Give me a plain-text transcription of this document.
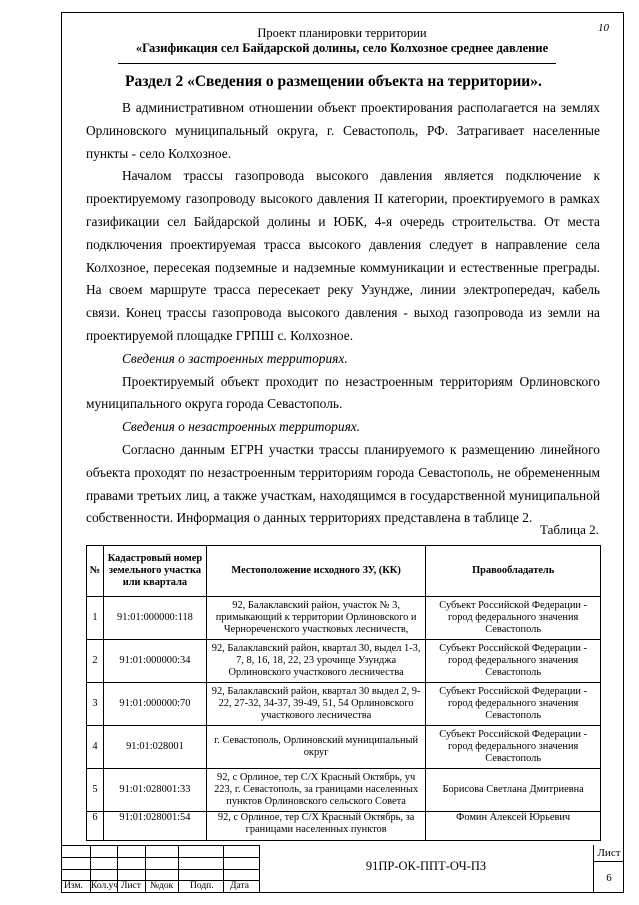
10
Проект планировки территории
«Газификация сел Байдарской долины, село Колхозное среднее давление
Раздел 2 «Сведения о размещении объекта на территории».

В административном отношении объект проектирования располагается на землях Орлиновского муниципальный округа, г. Севастополь, РФ. Затрагивает населенные пункты - село Колхозное.

Началом трассы газопровода высокого давления является подключение к проектируемому газопроводу высокого давления II категории, проектируемого в рамках газификации сел Байдарской долины и ЮБК, 4-я очередь строительства. От места подключения проектируемая трасса высокого давления следует в направление села Колхозное, пересекая подземные и надземные коммуникации и естественные преграды. На своем маршруте трасса пересекает реку Узундже, линии электропередач, кабель связи. Конец трассы газопровода высокого давления - выход газопровода из земли на проектируемой площадке ГРПШ с. Колхозное.

Сведения о застроенных территориях.

Проектируемый объект проходит по незастроенным территориям Орлиновского муниципального округа города Севастополь.

Сведения о незастроенных территориях.

Согласно данным ЕГРН участки трассы планируемого к размещению линейного объекта проходят по незастроенным территориям города Севастополь, не обремененным правами третьих лиц, а также участкам, находящимся в государственной муниципальной собственности. Информация о данных территориях представлена в таблице 2.

Таблица 2.
№	Кадастровый номер земельного участка или квартала	Местоположение исходного ЗУ, (КК)	Правообладатель
1	91:01:000000:118	92, Балаклавский район, участок № 3, примыкающий к территории Орлиновского и Чернореченского участковых лесничеств,	Субъект Российской Федерации - город федерального значения Севастополь
2	91:01:000000:34	92, Балаклавский район, квартал 30, выдел 1-3, 7, 8, 16, 18, 22, 23 урочище Узунджа Орлиновского участкового лесничества	Субъект Российской Федерации - город федерального значения Севастополь
3	91:01:000000:70	92, Балаклавский район, квартал 30 выдел 2, 9-22, 27-32, 34-37, 39-49, 51, 54 Орлиновского участкового лесничества	Субъект Российской Федерации - город федерального значения Севастополь
4	91:01:028001	г. Севастополь, Орлиновский муниципальный округ	Субъект Российской Федерации - город федерального значения Севастополь
5	91:01:028001:33	92, с Орлиное, тер С/Х Красный Октябрь, уч 223, г. Севастополь, за границами населенных пунктов Орлиновского сельского Совета	Борисова Светлана Дмитриевна
6	91:01:028001:54	92, с Орлиное, тер С/Х Красный Октябрь, за границами населенных пунктов	Фомин Алексей Юрьевич
Изм. Кол.уч Лист №док Подп. Дата
91ПР-ОК-ППТ-ОЧ-ПЗ
Лист
6
